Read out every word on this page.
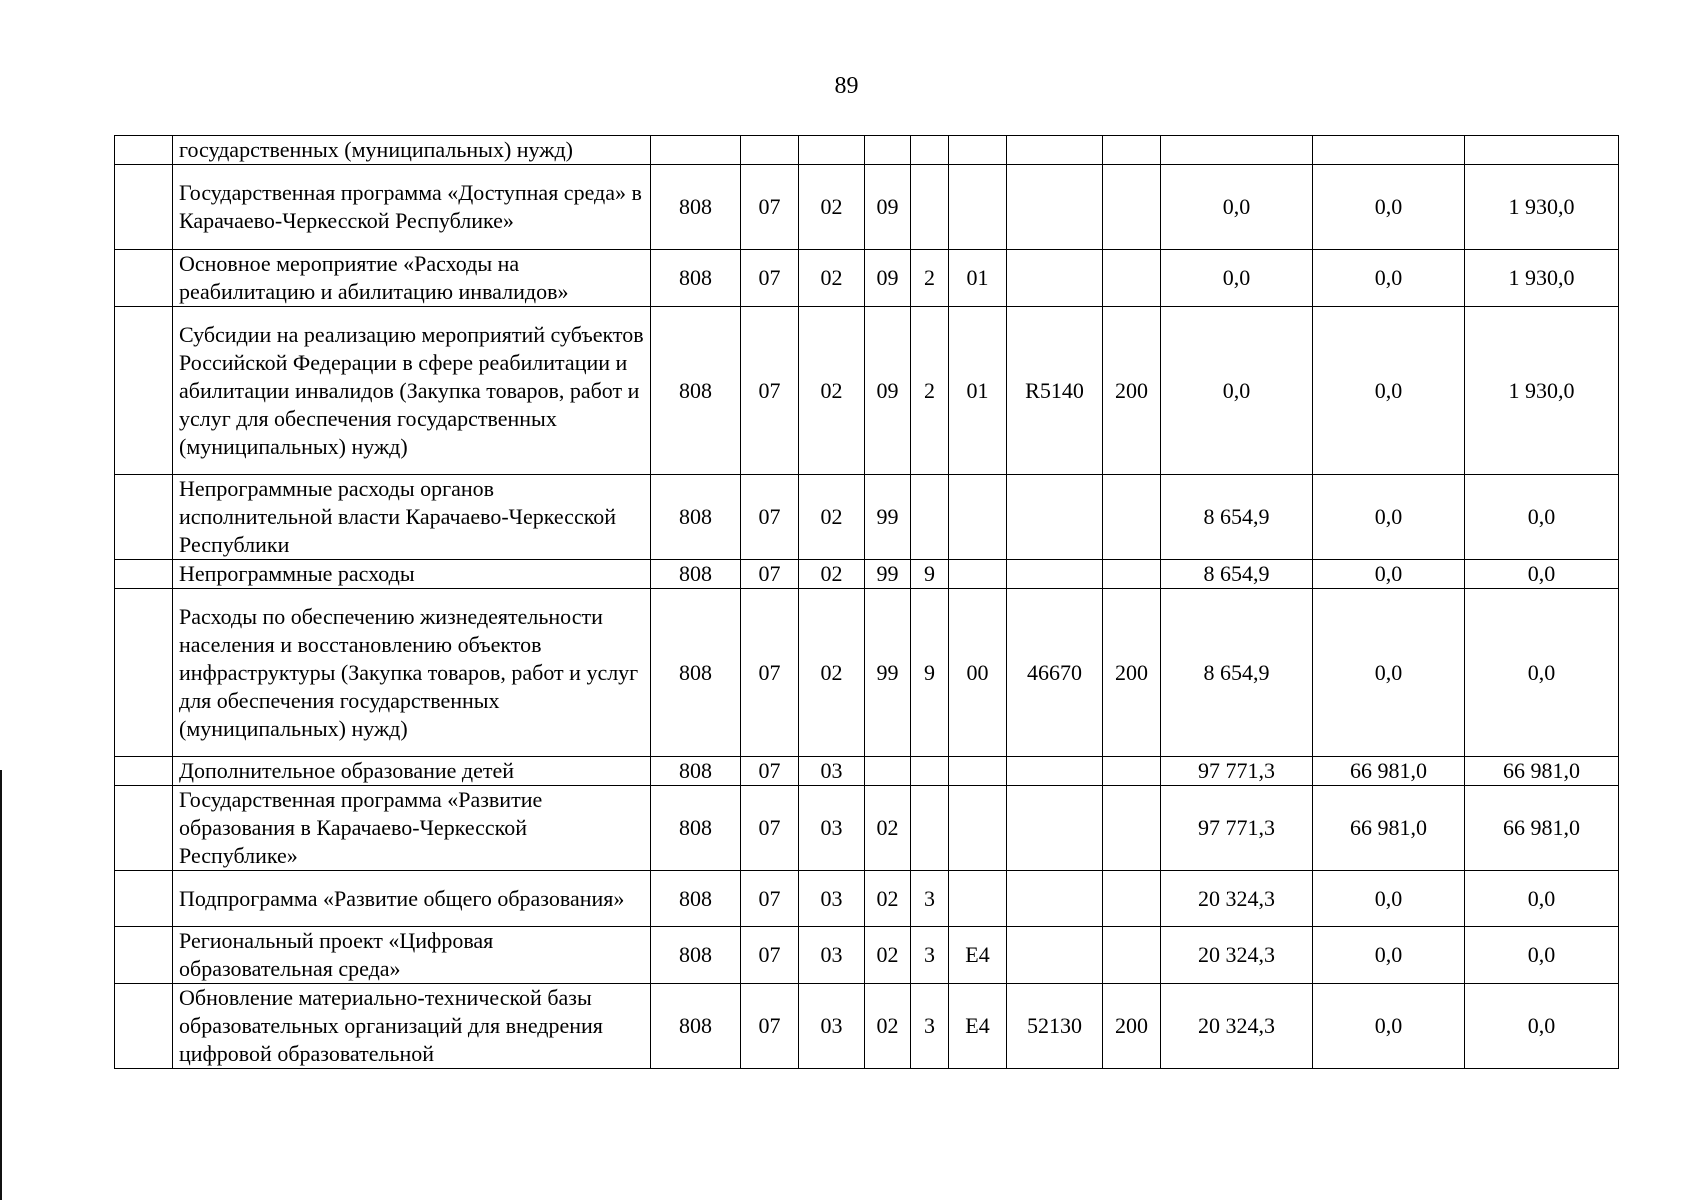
89
	государственных (муниципальных) нужд)											
	Государственная программа «Доступная среда» в Карачаево-Черкесской Республике»	808	07	02	09					0,0	0,0	1 930,0
	Основное мероприятие «Расходы на реабилитацию и абилитацию инвалидов»	808	07	02	09	2	01			0,0	0,0	1 930,0
	Субсидии на реализацию мероприятий субъектов Российской Федерации в сфере реабилитации и абилитации инвалидов (Закупка товаров, работ и услуг для обеспечения государственных (муниципальных) нужд)	808	07	02	09	2	01	R5140	200	0,0	0,0	1 930,0
	Непрограммные расходы органов исполнительной власти Карачаево-Черкесской Республики	808	07	02	99					8 654,9	0,0	0,0
	Непрограммные расходы	808	07	02	99	9				8 654,9	0,0	0,0
	Расходы по обеспечению жизнедеятельности населения и восстановлению объектов инфраструктуры (Закупка товаров, работ и услуг для обеспечения государственных (муниципальных) нужд)	808	07	02	99	9	00	46670	200	8 654,9	0,0	0,0
	Дополнительное образование детей	808	07	03						97 771,3	66 981,0	66 981,0
	Государственная программа «Развитие образования в Карачаево-Черкесской Республике»	808	07	03	02					97 771,3	66 981,0	66 981,0
	Подпрограмма «Развитие общего образования»	808	07	03	02	3				20 324,3	0,0	0,0
	Региональный проект «Цифровая образовательная среда»	808	07	03	02	3	Е4			20 324,3	0,0	0,0
	Обновление материально-технической базы образовательных организаций для внедрения цифровой образовательной	808	07	03	02	3	Е4	52130	200	20 324,3	0,0	0,0
